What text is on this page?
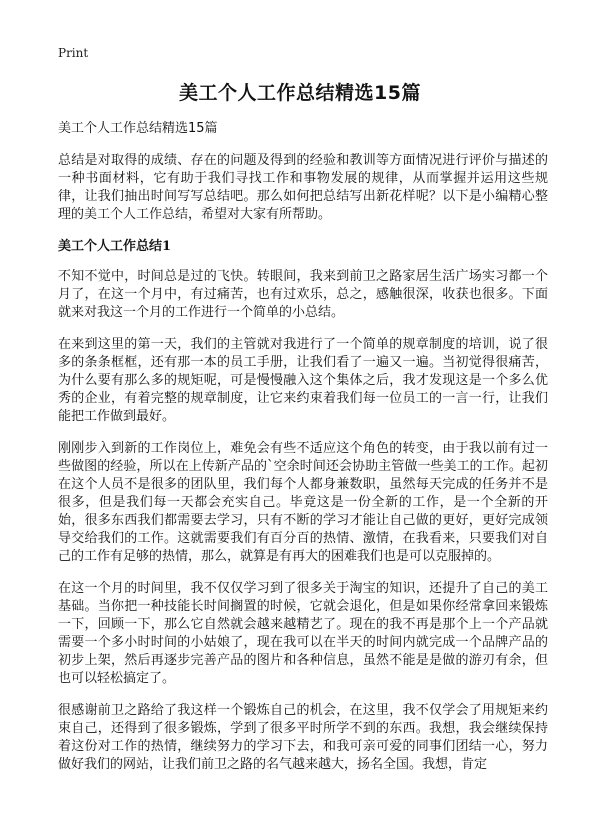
Print
美工个人工作总结精选15篇

美工个人工作总结精选15篇

总结是对取得的成绩、存在的问题及得到的经验和教训等方面情况进行评价与描述的一种书面材料，它有助于我们寻找工作和事物发展的规律，从而掌握并运用这些规律，让我们抽出时间写写总结吧。那么如何把总结写出新花样呢？以下是小编精心整理的美工个人工作总结，希望对大家有所帮助。

美工个人工作总结1

不知不觉中，时间总是过的飞快。转眼间，我来到前卫之路家居生活广场实习都一个月了，在这一个月中，有过痛苦，也有过欢乐，总之，感触很深，收获也很多。下面就来对我这一个月的工作进行一个简单的小总结。

在来到这里的第一天，我们的主管就对我进行了一个简单的规章制度的培训，说了很多的条条框框，还有那一本的员工手册，让我们看了一遍又一遍。当初觉得很痛苦，为什么要有那么多的规矩呢，可是慢慢融入这个集体之后，我才发现这是一个多么优秀的企业，有着完整的规章制度，让它来约束着我们每一位员工的一言一行，让我们能把工作做到最好。

刚刚步入到新的工作岗位上，难免会有些不适应这个角色的转变，由于我以前有过一些做图的经验，所以在上传新产品的`空余时间还会协助主管做一些美工的工作。起初在这个人员不是很多的团队里，我们每个人都身兼数职，虽然每天完成的任务并不是很多，但是我们每一天都会充实自己。毕竟这是一份全新的工作，是一个全新的开始，很多东西我们都需要去学习，只有不断的学习才能让自己做的更好，更好完成领导交给我们的工作。这就需要我们有百分百的热情、激情，在我看来，只要我们对自己的工作有足够的热情，那么，就算是有再大的困难我们也是可以克服掉的。

在这一个月的时间里，我不仅仅学习到了很多关于淘宝的知识，还提升了自己的美工基础。当你把一种技能长时间搁置的时候，它就会退化，但是如果你经常拿回来锻炼一下，回顾一下，那么它自然就会越来越精艺了。现在的我不再是那个上一个产品就需要一个多小时时间的小姑娘了，现在我可以在半天的时间内就完成一个品牌产品的初步上架，然后再逐步完善产品的图片和各种信息，虽然不能是是做的游刃有余，但也可以轻松搞定了。

很感谢前卫之路给了我这样一个锻炼自己的机会，在这里，我不仅学会了用规矩来约束自己，还得到了很多锻炼，学到了很多平时所学不到的东西。我想，我会继续保持着这份对工作的热情，继续努力的学习下去，和我可亲可爱的同事们团结一心，努力做好我们的网站，让我们前卫之路的名气越来越大，扬名全国。我想，肯定
